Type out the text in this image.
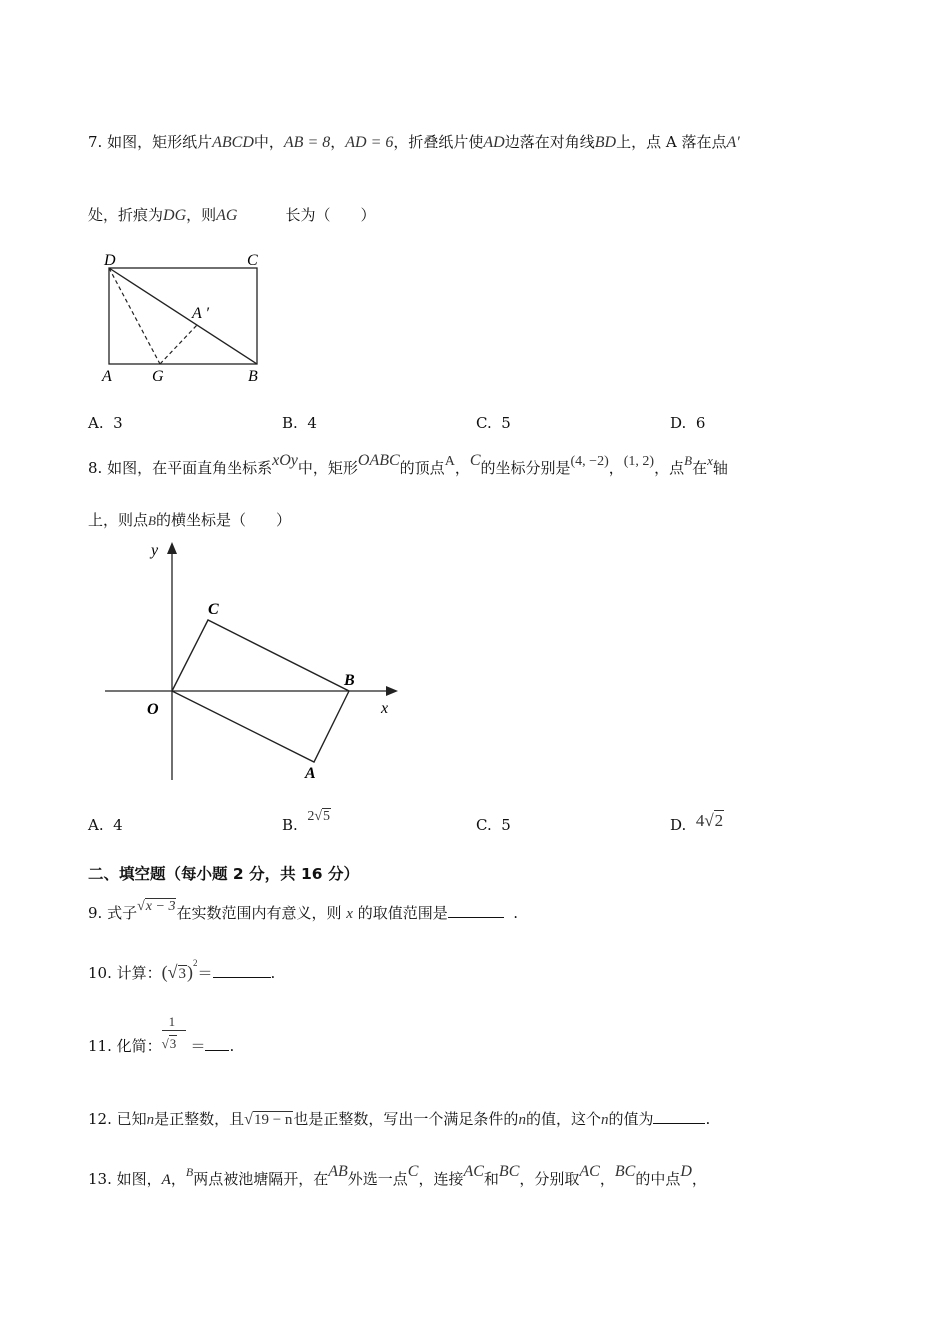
7. 如图，矩形纸片ABCD中，AB = 8，AD = 6，折叠纸片使AD边落在对角线BD上，点 A 落在点A′
处，折痕为DG，则AG	长为（　　）
D	C
A	G	B
A ′
A. 3	B. 4	C. 5	D. 6
8. 如图，在平面直角坐标系xOy中，矩形OABC的顶点A，C的坐标分别是(4, −2)，(1, 2)，点B在x轴
上，则点B的横坐标是（　　）
y
x
O
C
B
A
A. 4	B. 2√5	C. 5	D. 4√2
二、填空题（每小题 2 分，共 16 分）
9. 式子√x − 3在实数范围内有意义，则 x 的取值范围是	.
10. 计算：$(√3)^2=$	.
11. 化简： $\frac{1}{√3}$ ＝ .
12. 已知n是正整数，且√19 − n也是正整数，写出一个满足条件的n的值，这个n的值为	.
13. 如图，A，$^B$两点被池塘隔开，在AB外选一点C，连接AC和BC，分别取AC，BC的中点D，
